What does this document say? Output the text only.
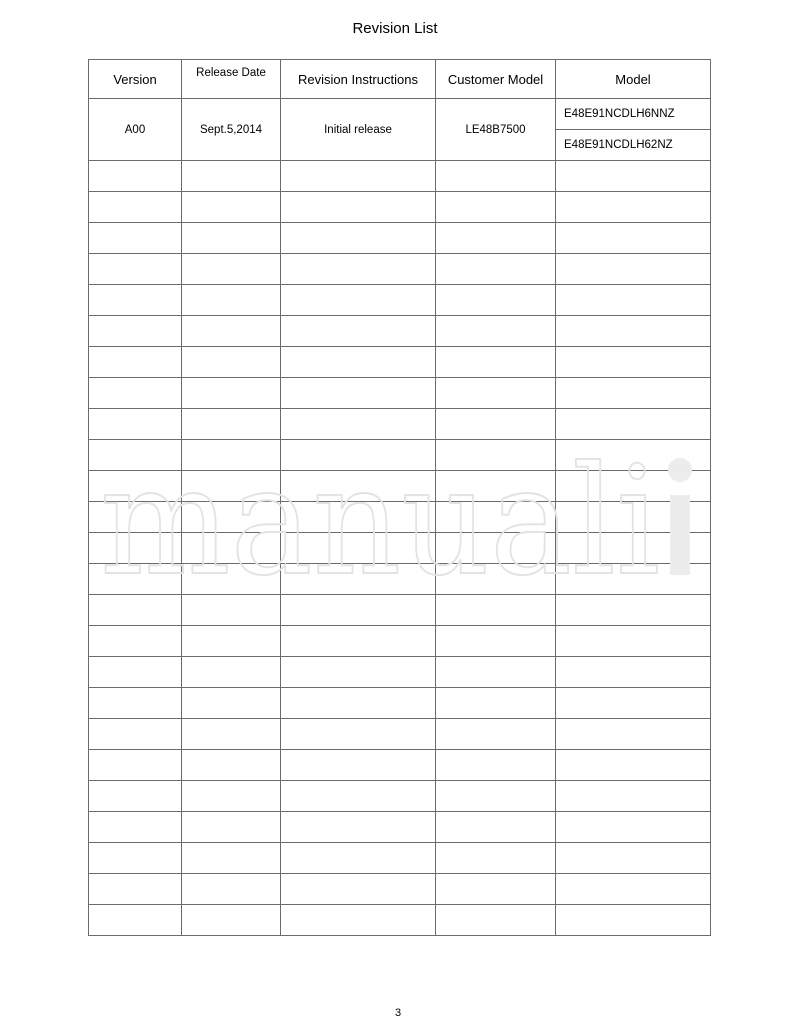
Revision List
Version	Release Date	Revision Instructions	Customer Model	Model
A00	Sept.5,2014	Initial release	LE48B7500	E48E91NCDLH6NNZ
				E48E91NCDLH62NZ

manuali
3
